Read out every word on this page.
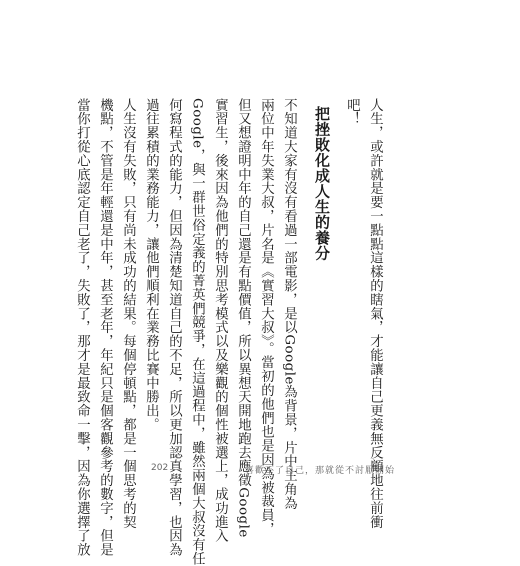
人生，或許就是要一點點這樣的瞎氣，才能讓自己更義無反顧地往前衝
吧！
把挫敗化成人生的養分
不知道大家有沒有看過一部電影，是以Google為背景，片中主角為
兩位中年失業大叔，片名是《實習大叔》。當初的他們也是因為被裁員，
但又想證明中年的自己還是有點價值，所以異想天開地跑去應徵Google
實習生，後來因為他們的特別思考模式以及樂觀的個性被選上，成功進入
Google，與一群世俗定義的菁英們競爭，在這過程中，雖然兩個大叔沒有任
何寫程式的能力，但因為清楚知道自己的不足，所以更加認真學習，也因為
過往累積的業務能力，讓他們順利在業務比賽中勝出。
人生沒有失敗，只有尚未成功的結果。每個停頓點，都是一個思考的契
機點，不管是年輕還是中年，甚至老年，年紀只是個客觀參考的數字，但是
當你打從心底認定自己老了，失敗了，那才是最致命一擊，因為你選擇了放	202	喜歡不了自己，那就從不討厭開始
